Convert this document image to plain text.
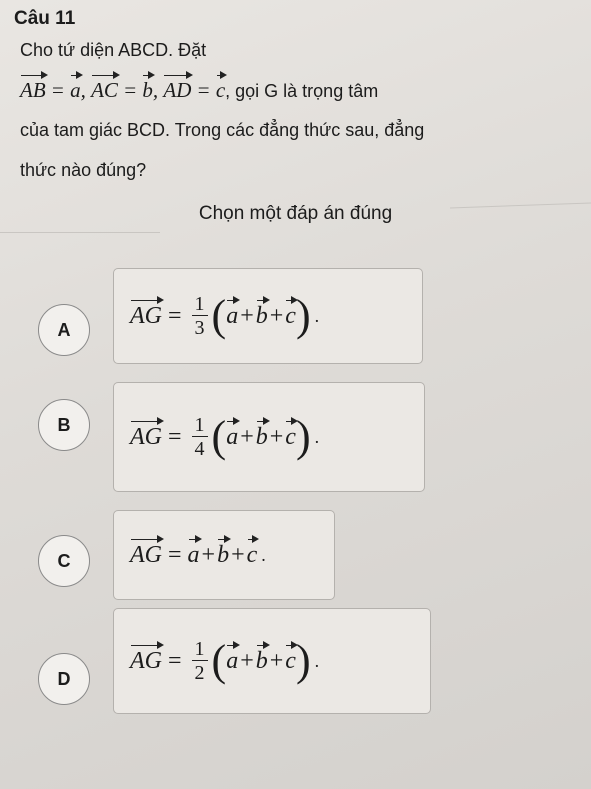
Câu 11
Cho tứ diện ABCD. Đặt
AB = a, AC = b, AD = c, gọi G là trọng tâm
của tam giác BCD. Trong các đẳng thức sau, đẳng
thức nào đúng?
Chọn một đáp án đúng
A
AG = $\frac{1}{3}$ ( a + b + c ) .
B AG = $\frac{1}{4}$ ( a + b + c ) .
C AG = a + b + c .
D
AG = $\frac{1}{2}$ ( a + b + c ) .
